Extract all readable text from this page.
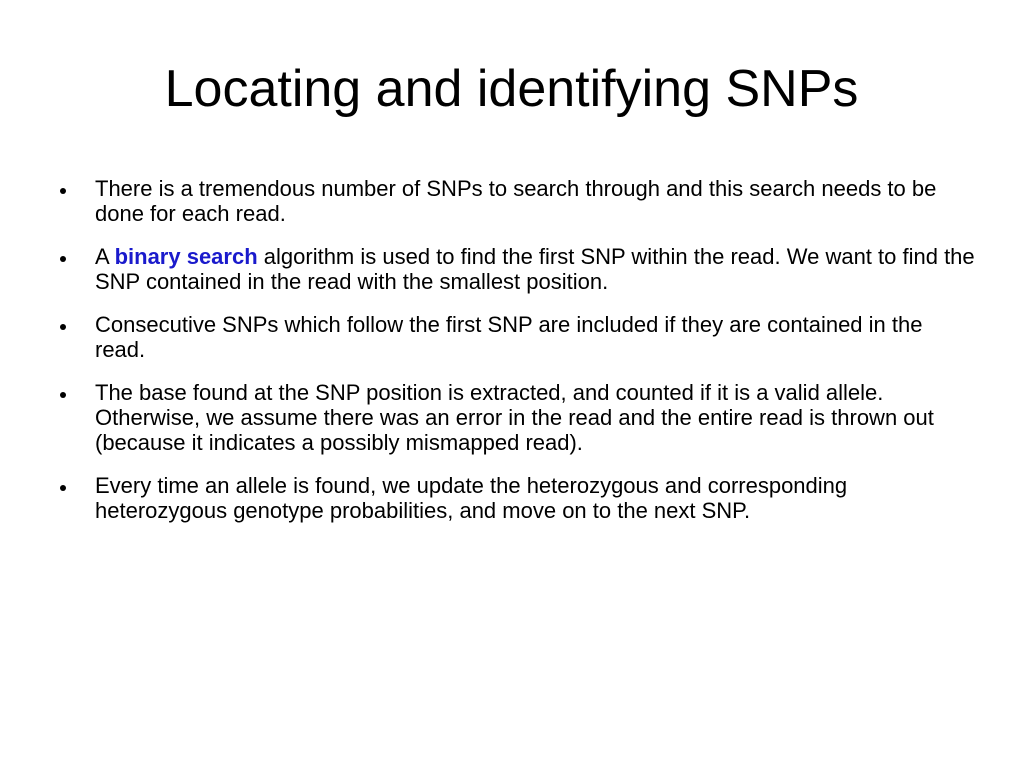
Locating and identifying SNPs
There is a tremendous number of SNPs to search through and this search needs to be done for each read.
A binary search algorithm is used to find the first SNP within the read. We want to find the SNP contained in the read with the smallest position.
Consecutive SNPs which follow the first SNP are included if they are contained in the read.
The base found at the SNP position is extracted, and counted if it is a valid allele. Otherwise, we assume there was an error in the read and the entire read is thrown out (because it indicates a possibly mismapped read).
Every time an allele is found, we update the heterozygous and corresponding heterozygous genotype probabilities, and move on to the next SNP.
